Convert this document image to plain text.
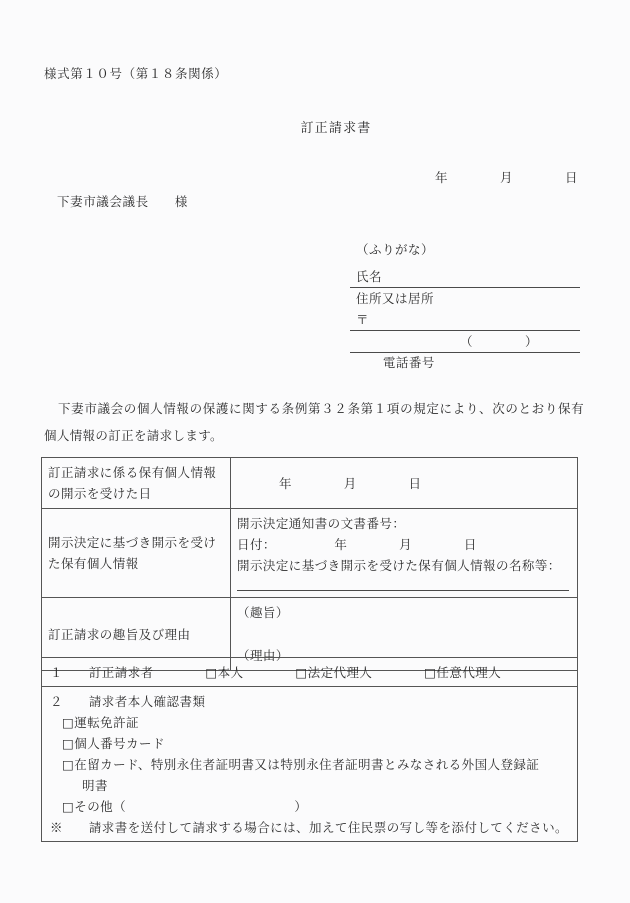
様式第１０号（第１８条関係）
訂正請求書
年　　　　月　　　　日
下妻市議会議長　　様
（ふりがな）
氏名
住所又は居所
〒

電話番号

（　　　　）

下妻市議会の個人情報の保護に関する条例第３２条第１項の規定により、次のとおり保有個人情報の訂正を請求します。
訂正請求に係る保有個人情報の開示を受けた日	年　　　　月　　　　日
開示決定に基づき開示を受けた保有個人情報	開示決定通知書の文書番号：
日付：　　　　　年　　　　月　　　　日
開示決定に基づき開示を受けた保有個人情報の名称等：

訂正請求の趣旨及び理由	（趣旨）
（理由）
１　　訂正請求者　　　　□本人　　　　□法定代理人　　　　□任意代理人

２　　請求者本人確認書類
□運転免許証
□個人番号カード
□在留カード、特別永住者証明書又は特別永住者証明書とみなされる外国人登録証
明書
□その他（　　　　　　　　　　　　　）
※　　請求書を送付して請求する場合には、加えて住民票の写し等を添付してください。
